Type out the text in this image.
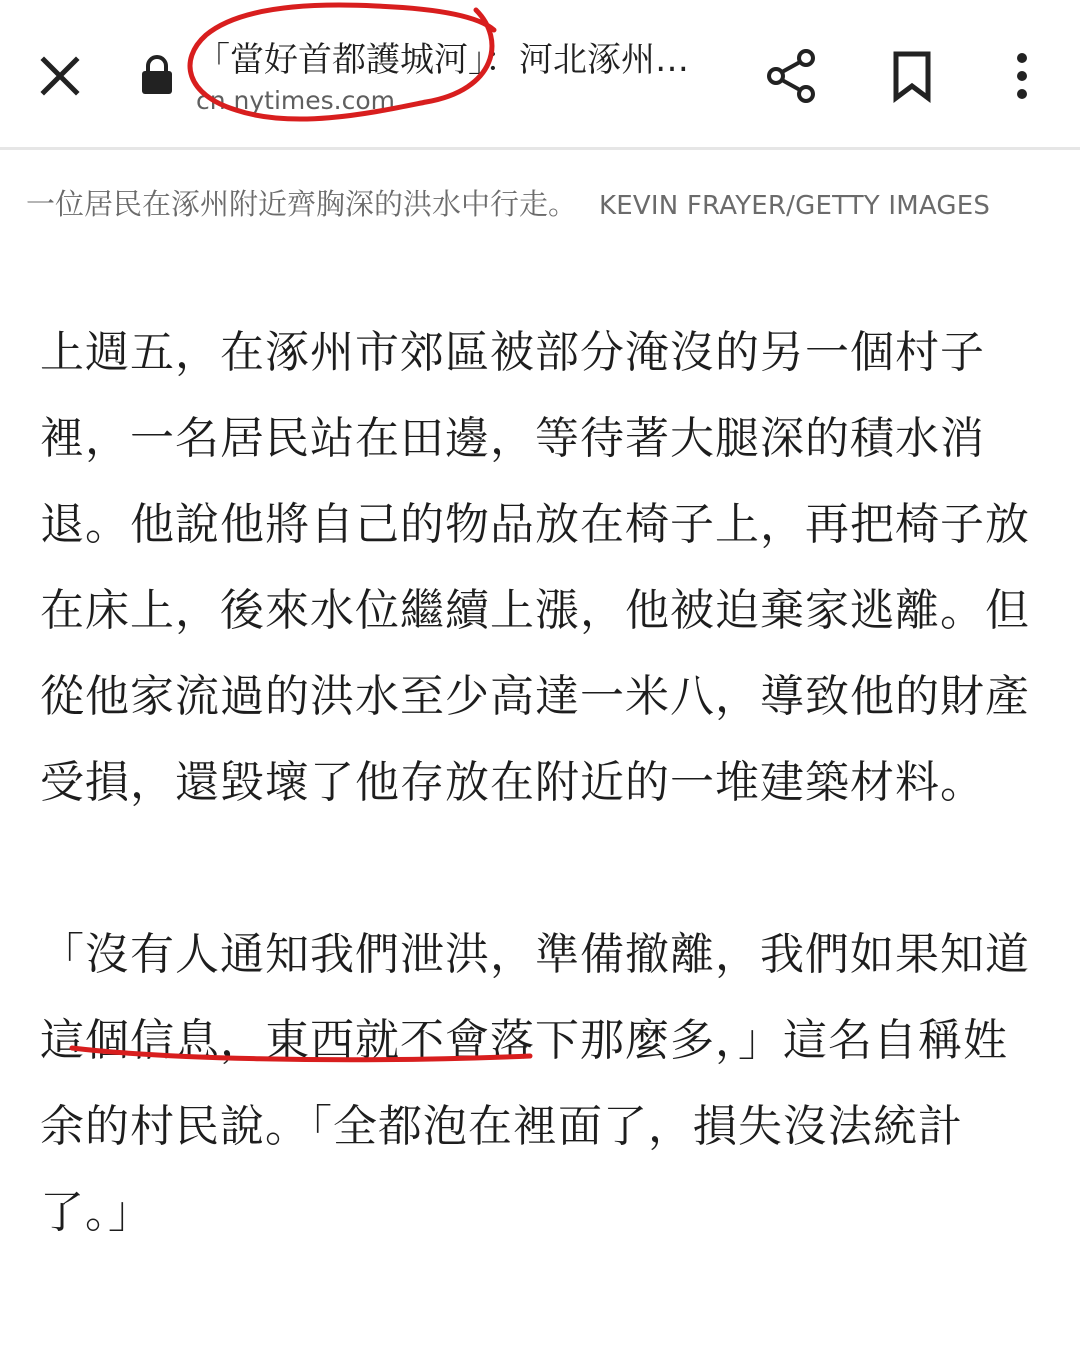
「當好首都護城河」：河北涿州…
cn.nytimes.com
一位居民在涿州附近齊胸深的洪水中行走。 KEVIN FRAYER/GETTY IMAGES

上週五，在涿州市郊區被部分淹沒的另一個村子裡，一名居民站在田邊，等待著大腿深的積水消退。他說他將自己的物品放在椅子上，再把椅子放在床上，後來水位繼續上漲，他被迫棄家逃離。但從他家流過的洪水至少高達一米八，導致他的財產受損，還毀壞了他存放在附近的一堆建築材料。

「沒有人通知我們泄洪，準備撤離，我們如果知道這個信息，東西就不會落下那麼多，」這名自稱姓余的村民說。「全都泡在裡面了，損失沒法統計了。」
